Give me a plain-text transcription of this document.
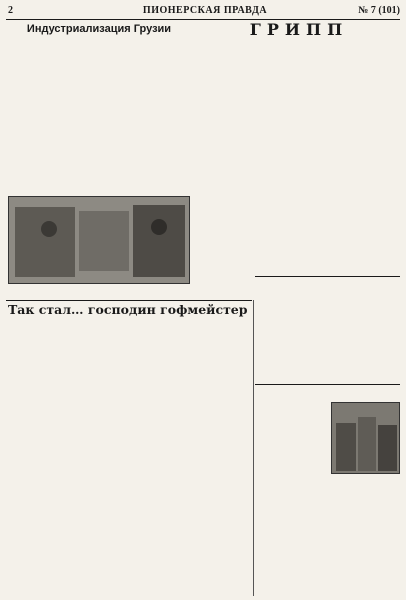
2	ПИОНЕРСКАЯ ПРАВДА	№ 7 (101)
Индустриализация Грузии	ГРИПП
Так стал… господин гофмейстер
